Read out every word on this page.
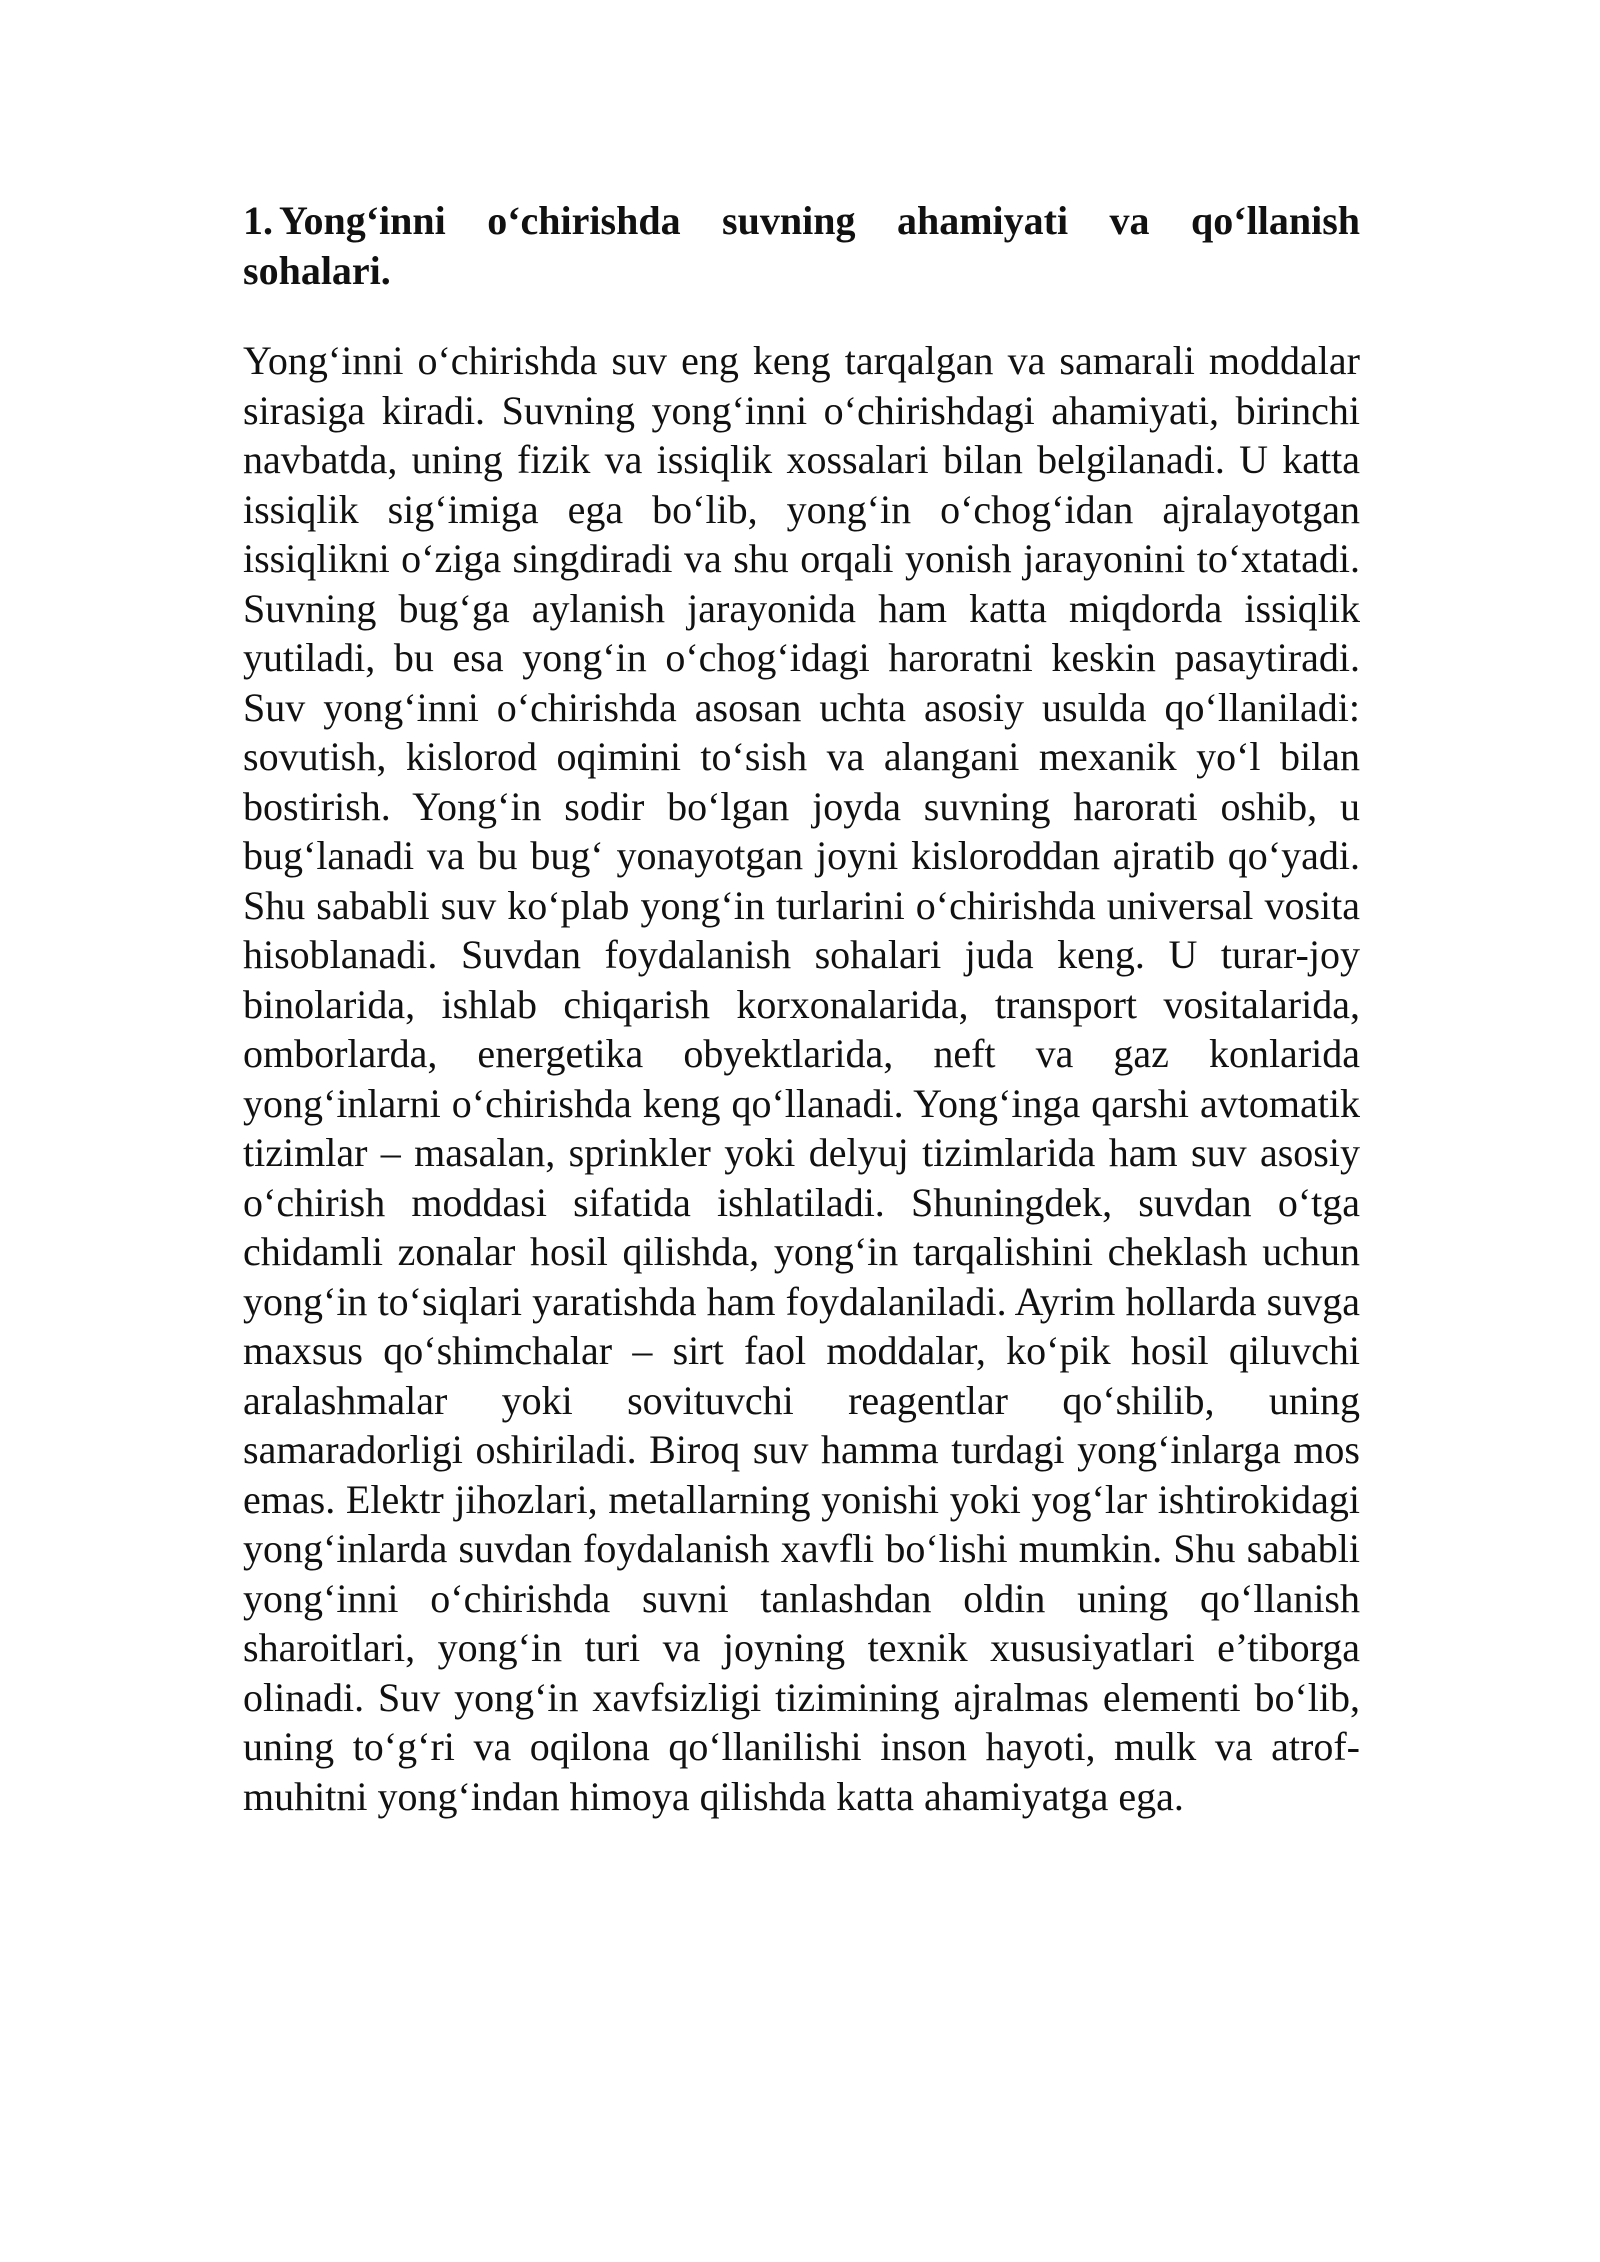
1. Yong‘inni o‘chirishda suvning ahamiyati va qo‘llanish sohalari.

Yong‘inni o‘chirishda suv eng keng tarqalgan va samarali moddalar sirasiga kiradi. Suvning yong‘inni o‘chirishdagi ahamiyati, birinchi navbatda, uning fizik va issiqlik xossalari bilan belgilanadi. U katta issiqlik sig‘imiga ega bo‘lib, yong‘in o‘chog‘idan ajralayotgan issiqlikni o‘ziga singdiradi va shu orqali yonish jarayonini to‘xtatadi. Suvning bug‘ga aylanish jarayonida ham katta miqdorda issiqlik yutiladi, bu esa yong‘in o‘chog‘idagi haroratni keskin pasaytiradi. Suv yong‘inni o‘chirishda asosan uchta asosiy usulda qo‘llaniladi: sovutish, kislorod oqimini to‘sish va alangani mexanik yo‘l bilan bostirish. Yong‘in sodir bo‘lgan joyda suvning harorati oshib, u bug‘lanadi va bu bug‘ yonayotgan joyni kisloroddan ajratib qo‘yadi. Shu sababli suv ko‘plab yong‘in turlarini o‘chirishda universal vosita hisoblanadi. Suvdan foydalanish sohalari juda keng. U turar-joy binolarida, ishlab chiqarish korxonalarida, transport vositalarida, omborlarda, energetika obyektlarida, neft va gaz konlarida yong‘inlarni o‘chirishda keng qo‘llanadi. Yong‘inga qarshi avtomatik tizimlar – masalan, sprinkler yoki delyuj tizimlarida ham suv asosiy o‘chirish moddasi sifatida ishlatiladi. Shuningdek, suvdan o‘tga chidamli zonalar hosil qilishda, yong‘in tarqalishini cheklash uchun yong‘in to‘siqlari yaratishda ham foydalaniladi. Ayrim hollarda suvga maxsus qo‘shimchalar – sirt faol moddalar, ko‘pik hosil qiluvchi aralashmalar yoki sovituvchi reagentlar qo‘shilib, uning samaradorligi oshiriladi. Biroq suv hamma turdagi yong‘inlarga mos emas. Elektr jihozlari, metallarning yonishi yoki yog‘lar ishtirokidagi yong‘inlarda suvdan foydalanish xavfli bo‘lishi mumkin. Shu sababli yong‘inni o‘chirishda suvni tanlashdan oldin uning qo‘llanish sharoitlari, yong‘in turi va joyning texnik xususiyatlari e’tiborga olinadi. Suv yong‘in xavfsizligi tizimining ajralmas elementi bo‘lib, uning to‘g‘ri va oqilona qo‘llanilishi inson hayoti, mulk va atrof-muhitni yong‘indan himoya qilishda katta ahamiyatga ega.
